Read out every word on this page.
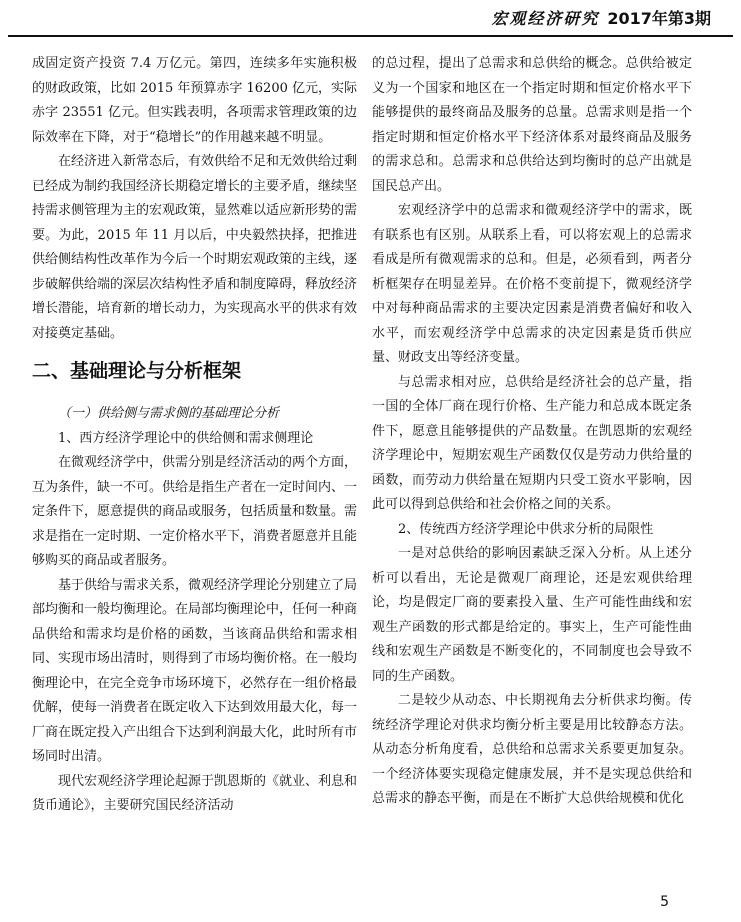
宏观经济研究 2017年第3期

成固定资产投资 7.4 万亿元。第四，连续多年实施积极的财政政策，比如 2015 年预算赤字 16200 亿元，实际赤字 23551 亿元。但实践表明，各项需求管理政策的边际效率在下降，对于“稳增长”的作用越来越不明显。

在经济进入新常态后，有效供给不足和无效供给过剩已经成为制约我国经济长期稳定增长的主要矛盾，继续坚持需求侧管理为主的宏观政策，显然难以适应新形势的需要。为此，2015 年 11 月以后，中央毅然抉择，把推进供给侧结构性改革作为今后一个时期宏观政策的主线，逐步破解供给端的深层次结构性矛盾和制度障碍，释放经济增长潜能，培育新的增长动力，为实现高水平的供求有效对接奠定基础。

二、基础理论与分析框架

（一）供给侧与需求侧的基础理论分析

1、西方经济学理论中的供给侧和需求侧理论

在微观经济学中，供需分别是经济活动的两个方面，互为条件，缺一不可。供给是指生产者在一定时间内、一定条件下，愿意提供的商品或服务，包括质量和数量。需求是指在一定时期、一定价格水平下，消费者愿意并且能够购买的商品或者服务。

基于供给与需求关系，微观经济学理论分别建立了局部均衡和一般均衡理论。在局部均衡理论中，任何一种商品供给和需求均是价格的函数，当该商品供给和需求相同、实现市场出清时，则得到了市场均衡价格。在一般均衡理论中，在完全竞争市场环境下，必然存在一组价格最优解，使每一消费者在既定收入下达到效用最大化，每一厂商在既定投入产出组合下达到利润最大化，此时所有市场同时出清。

现代宏观经济学理论起源于凯恩斯的《就业、利息和货币通论》，主要研究国民经济活动

的总过程，提出了总需求和总供给的概念。总供给被定义为一个国家和地区在一个指定时期和恒定价格水平下能够提供的最终商品及服务的总量。总需求则是指一个指定时期和恒定价格水平下经济体系对最终商品及服务的需求总和。总需求和总供给达到均衡时的总产出就是国民总产出。

宏观经济学中的总需求和微观经济学中的需求，既有联系也有区别。从联系上看，可以将宏观上的总需求看成是所有微观需求的总和。但是，必须看到，两者分析框架存在明显差异。在价格不变前提下，微观经济学中对每种商品需求的主要决定因素是消费者偏好和收入水平，而宏观经济学中总需求的决定因素是货币供应量、财政支出等经济变量。

与总需求相对应，总供给是经济社会的总产量，指一国的全体厂商在现行价格、生产能力和总成本既定条件下，愿意且能够提供的产品数量。在凯恩斯的宏观经济学理论中，短期宏观生产函数仅仅是劳动力供给量的函数，而劳动力供给量在短期内只受工资水平影响，因此可以得到总供给和社会价格之间的关系。

2、传统西方经济学理论中供求分析的局限性

一是对总供给的影响因素缺乏深入分析。从上述分析可以看出，无论是微观厂商理论，还是宏观供给理论，均是假定厂商的要素投入量、生产可能性曲线和宏观生产函数的形式都是给定的。事实上，生产可能性曲线和宏观生产函数是不断变化的，不同制度也会导致不同的生产函数。

二是较少从动态、中长期视角去分析供求均衡。传统经济学理论对供求均衡分析主要是用比较静态方法。从动态分析角度看，总供给和总需求关系要更加复杂。一个经济体要实现稳定健康发展，并不是实现总供给和总需求的静态平衡，而是在不断扩大总供给规模和优化

5
